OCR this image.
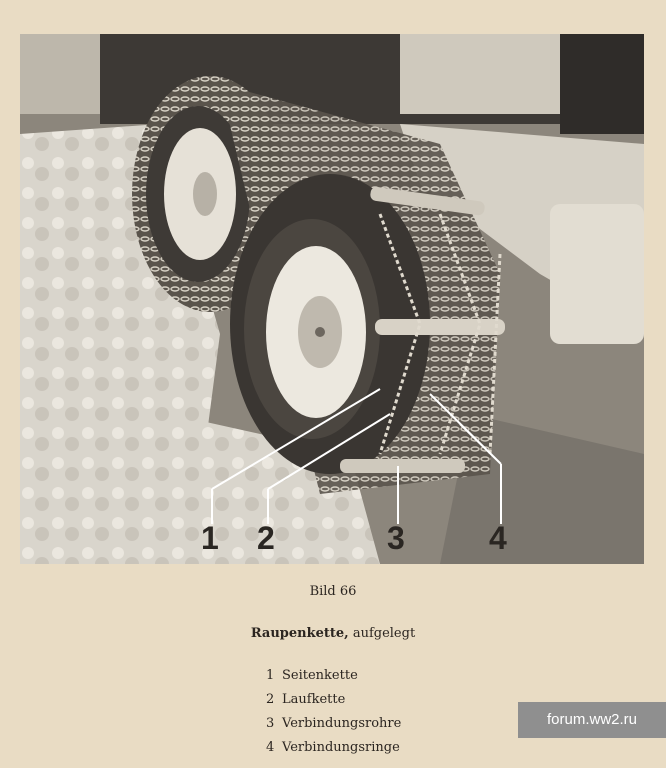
1 2	3	4
Bild 66
Raupenkette, aufgelegt
1 Seitenkette
2 Laufkette
3 Verbindungsrohre
4 Verbindungsringe
forum.ww2.ru
